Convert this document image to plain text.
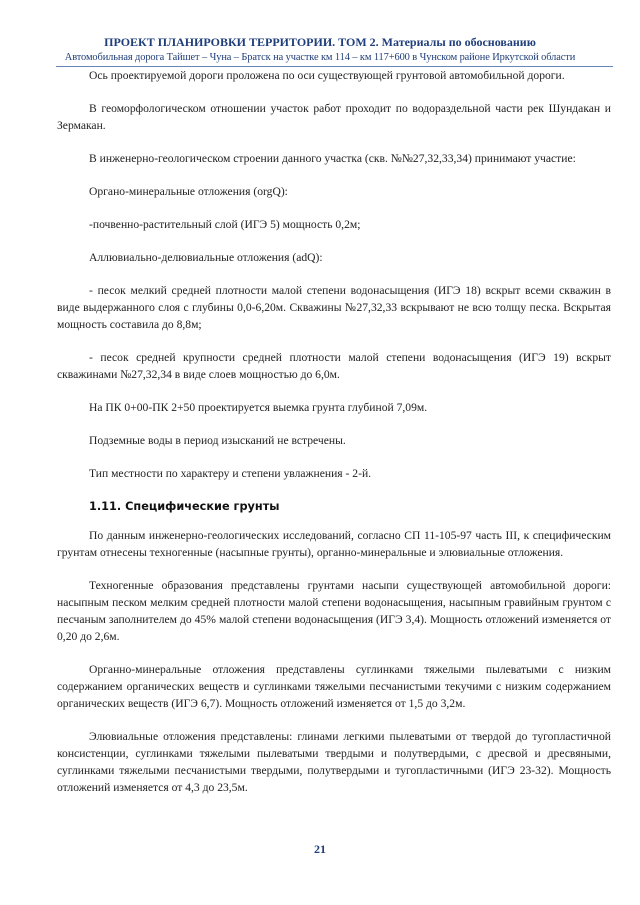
ПРОЕКТ ПЛАНИРОВКИ ТЕРРИТОРИИ. ТОМ 2. Материалы по обоснованию
Автомобильная дорога Тайшет – Чуна – Братск на участке км 114 – км 117+600 в Чунском районе Иркутской области

Ось проектируемой дороги проложена по оси существующей грунтовой автомобильной дороги.

В геоморфологическом отношении участок работ проходит по водораздельной части рек Шундакан и Зермакан.

В инженерно-геологическом строении данного участка (скв. №№27,32,33,34) принимают участие:

Органо-минеральные отложения (orgQ):

-почвенно-растительный слой (ИГЭ 5) мощность 0,2м;

Аллювиально-делювиальные отложения (adQ):

- песок мелкий средней плотности малой степени водонасыщения (ИГЭ 18) вскрыт всеми скважин в виде выдержанного слоя с глубины 0,0-6,20м. Скважины №27,32,33 вскрывают не всю толщу песка. Вскрытая мощность составила до 8,8м;

- песок средней крупности средней плотности малой степени водонасыщения (ИГЭ 19) вскрыт скважинами №27,32,34 в виде слоев мощностью до 6,0м.

На ПК 0+00-ПК 2+50 проектируется выемка грунта глубиной 7,09м.

Подземные воды в период изысканий не встречены.

Тип местности по характеру и степени увлажнения - 2-й.

1.11. Специфические грунты

По данным инженерно-геологических исследований, согласно СП 11-105-97 часть III, к специфическим грунтам отнесены техногенные (насыпные грунты), органно-минеральные и элювиальные отложения.

Техногенные образования представлены грунтами насыпи существующей автомобильной дороги: насыпным песком мелким средней плотности малой степени водонасыщения, насыпным гравийным грунтом с песчаным заполнителем до 45% малой степени водонасыщения (ИГЭ 3,4). Мощность отложений изменяется от 0,20 до 2,6м.

Органно-минеральные отложения представлены суглинками тяжелыми пылеватыми с низким содержанием органических веществ и суглинками тяжелыми песчанистыми текучими с низким содержанием органических веществ (ИГЭ 6,7). Мощность отложений изменяется от 1,5 до 3,2м.

Элювиальные отложения представлены: глинами легкими пылеватыми от твердой до тугопластичной консистенции, суглинками тяжелыми пылеватыми твердыми и полутвердыми, с дресвой и дресвяными, суглинками тяжелыми песчанистыми твердыми, полутвердыми и тугопластичными (ИГЭ 23-32). Мощность отложений изменяется от 4,3 до 23,5м.

21
